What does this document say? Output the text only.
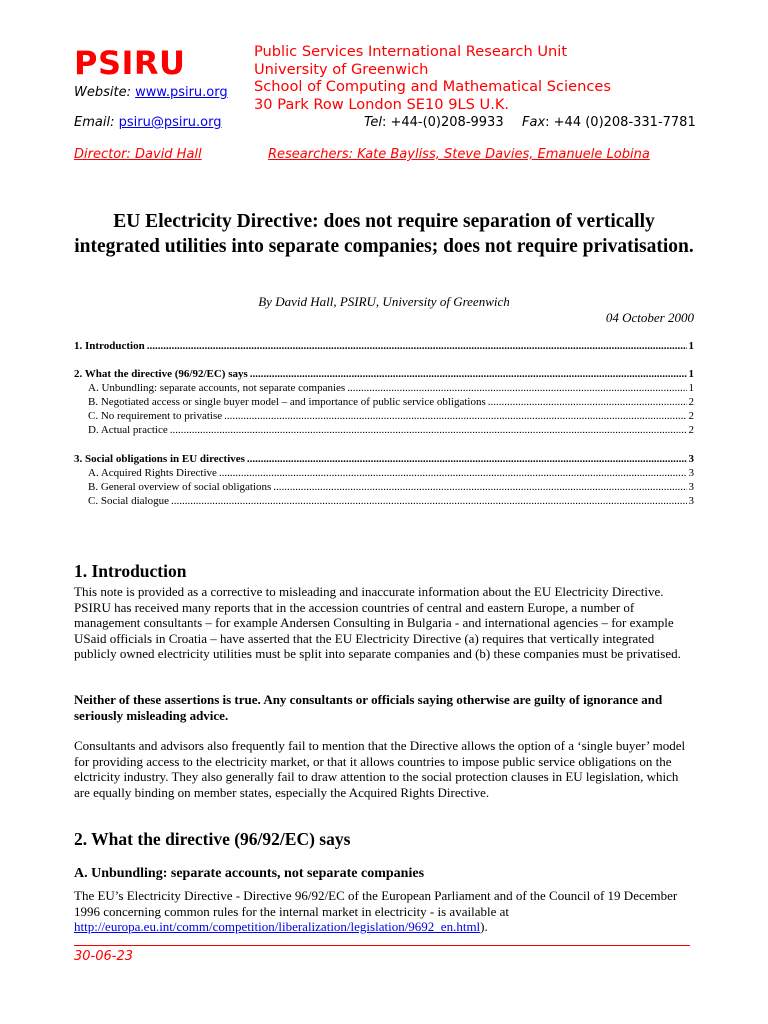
PSIRU	Public Services International Research Unit
University of Greenwich
School of Computing and Mathematical Sciences
30 Park Row London SE10 9LS U.K.
Website: www.psiru.org
Email: psiru@psiru.org	Tel: +44-(0)208-9933 Fax: +44 (0)208-331-7781
Director: David Hall	Researchers: Kate Bayliss, Steve Davies, Emanuele Lobina
EU Electricity Directive: does not require separation of vertically integrated utilities into separate companies; does not require privatisation.
By David Hall, PSIRU, University of Greenwich
04 October 2000
1. Introduction .....	1
2. What the directive (96/92/EC) says .....	1
A. Unbundling: separate accounts, not separate companies .....	1
B. Negotiated access or single buyer model – and importance of public service obligations .....	2
C. No requirement to privatise .....	2
D. Actual practice .....	2
3. Social obligations in EU directives .....	3
A. Acquired Rights Directive .....	3
B. General overview of social obligations .....	3
C. Social dialogue .....	3
1. Introduction
This note is provided as a corrective to misleading and inaccurate information about the EU Electricity Directive. PSIRU has received many reports that in the accession countries of central and eastern Europe, a number of management consultants – for example Andersen Consulting in Bulgaria - and international agencies – for example USaid officials in Croatia – have asserted that the EU Electricity Directive (a) requires that vertically integrated publicly owned electricity utilities must be split into separate companies and (b) these companies must be privatised.
Neither of these assertions is true. Any consultants or officials saying otherwise are guilty of ignorance and seriously misleading advice.
Consultants and advisors also frequently fail to mention that the Directive allows the option of a ‘single buyer’ model for providing access to the electricity market, or that it allows countries to impose public service obligations on the elctricity industry. They also generally fail to draw attention to the social protection clauses in EU legislation, which are equally binding on member states, especially the Acquired Rights Directive.
2. What the directive (96/92/EC) says
A. Unbundling: separate accounts, not separate companies
The EU’s Electricity Directive - Directive 96/92/EC of the European Parliament and of the Council of 19 December 1996 concerning common rules for the internal market in electricity - is available at
http://europa.eu.int/comm/competition/liberalization/legislation/9692_en.html).
30-06-23
